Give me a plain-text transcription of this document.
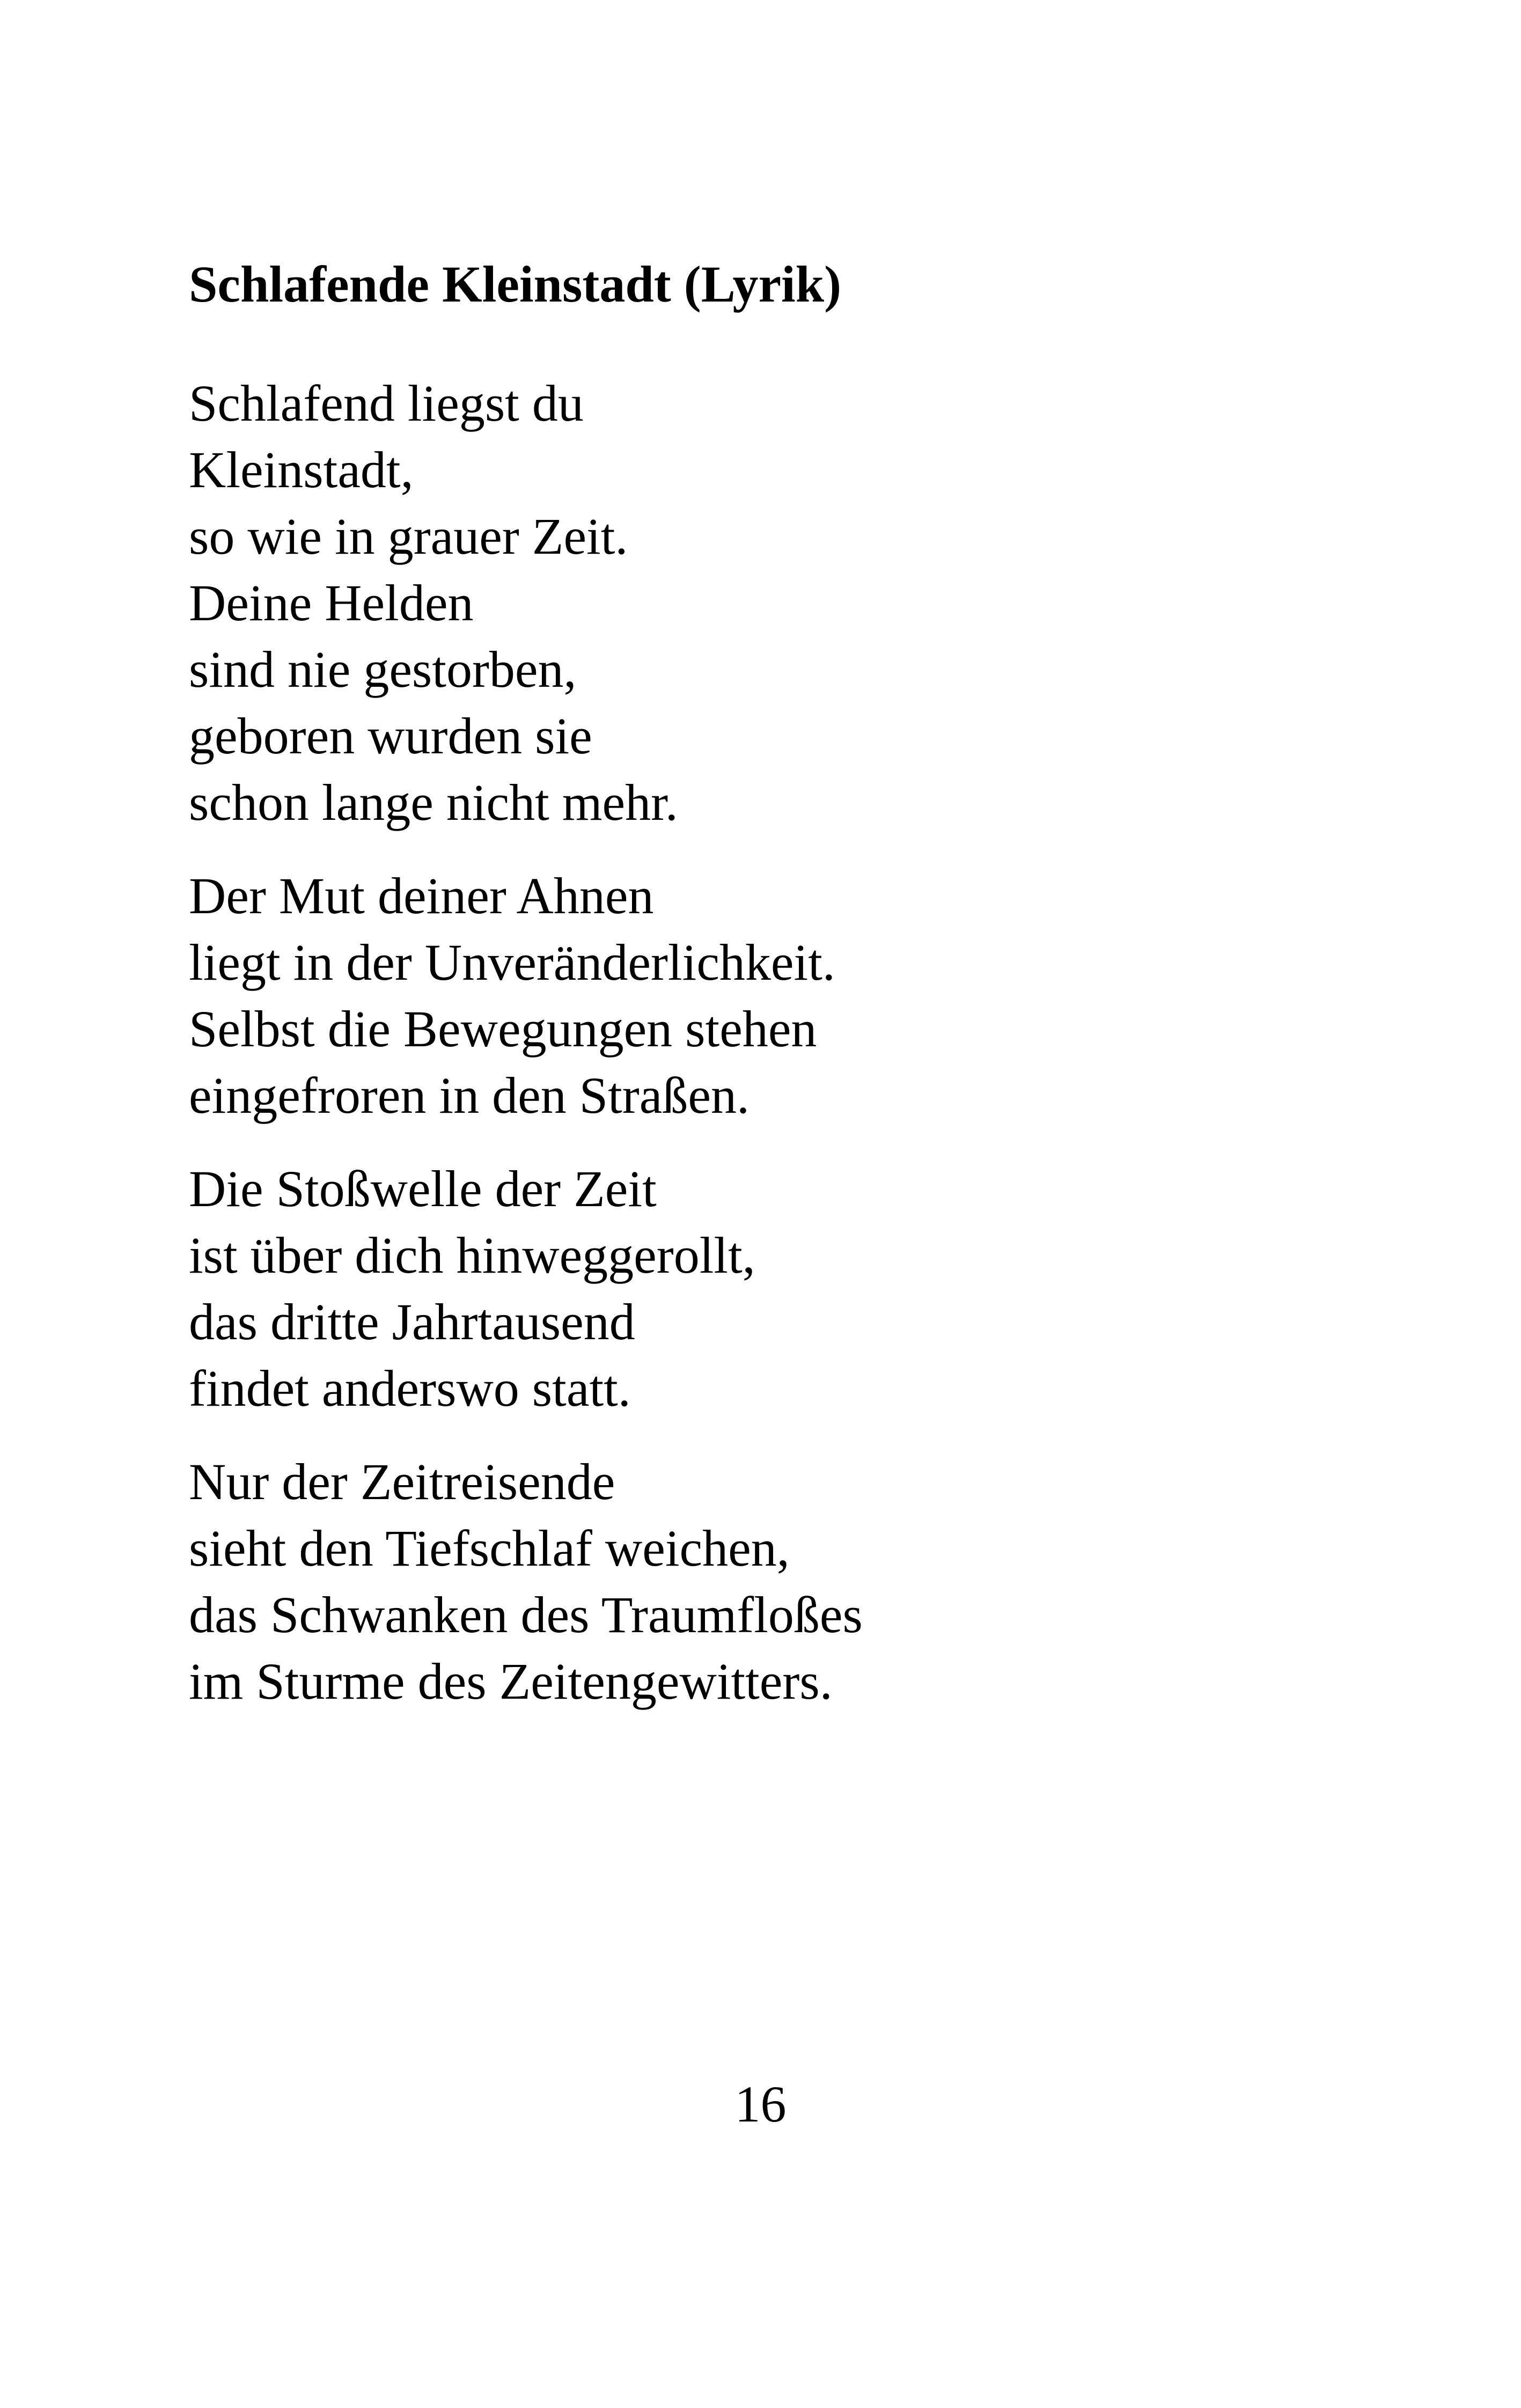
Schlafende Kleinstadt (Lyrik)
Schlafend liegst du
Kleinstadt,
so wie in grauer Zeit.
Deine Helden
sind nie gestorben,
geboren wurden sie
schon lange nicht mehr.
Der Mut deiner Ahnen
liegt in der Unveränderlichkeit.
Selbst die Bewegungen stehen
eingefroren in den Straßen.
Die Stoßwelle der Zeit
ist über dich hinweggerollt,
das dritte Jahrtausend
findet anderswo statt.
Nur der Zeitreisende
sieht den Tiefschlaf weichen,
das Schwanken des Traumfloßes
im Sturme des Zeitengewitters.
16
